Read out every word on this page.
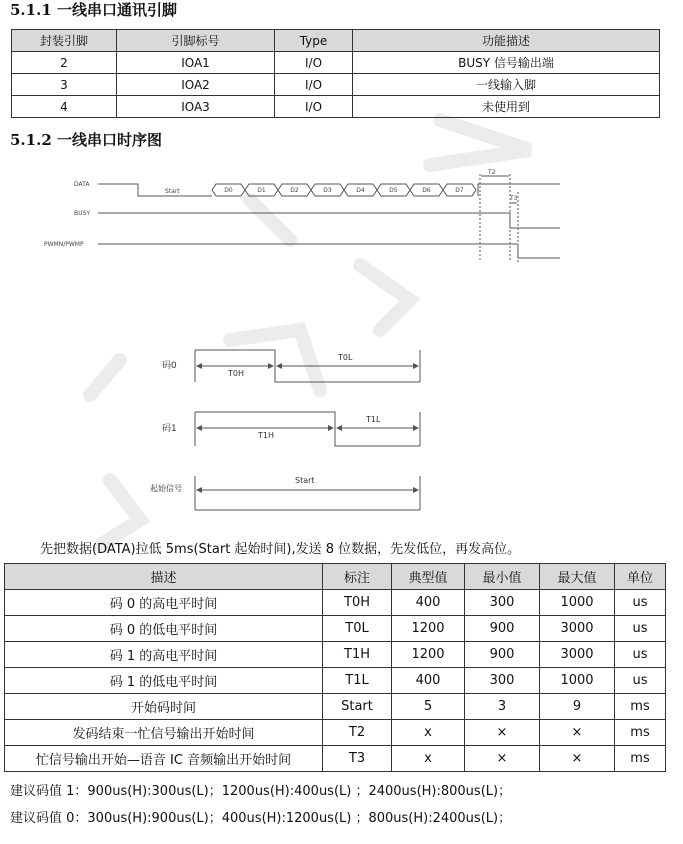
5.1.1 一线串口通讯引脚
封装引脚	引脚标号	Type	功能描述
2	IOA1	I/O	BUSY 信号输出端
3	IOA2	I/O	一线输入脚
4	IOA3	I/O	未使用到
5.1.2 一线串口时序图
DATA
BUSY
PWMN/PWMP
Start	D0	D1	D2	D3	D4	D5	D6	D7
T2
T3
码0
T0H
T0L
码1
T1H
T1L
起始信号
Start

先把数据(DATA)拉低 5ms(Start 起始时间),发送 8 位数据，先发低位，再发高位。

描述	标注	典型值	最小值	最大值	单位
码 0 的高电平时间	T0H	400	300	1000	us
码 0 的低电平时间	T0L	1200	900	3000	us
码 1 的高电平时间	T1H	1200	900	3000	us
码 1 的低电平时间	T1L	400	300	1000	us
开始码时间	Start	5	3	9	ms
发码结束一忙信号输出开始时间	T2	x	×	×	ms
忙信号输出开始—语音 IC 音频输出开始时间	T3	x	×	×	ms

建议码值 1：900us(H):300us(L)；1200us(H):400us(L) ；2400us(H):800us(L)；

建议码值 0：300us(H):900us(L)；400us(H):1200us(L) ；800us(H):2400us(L)；
